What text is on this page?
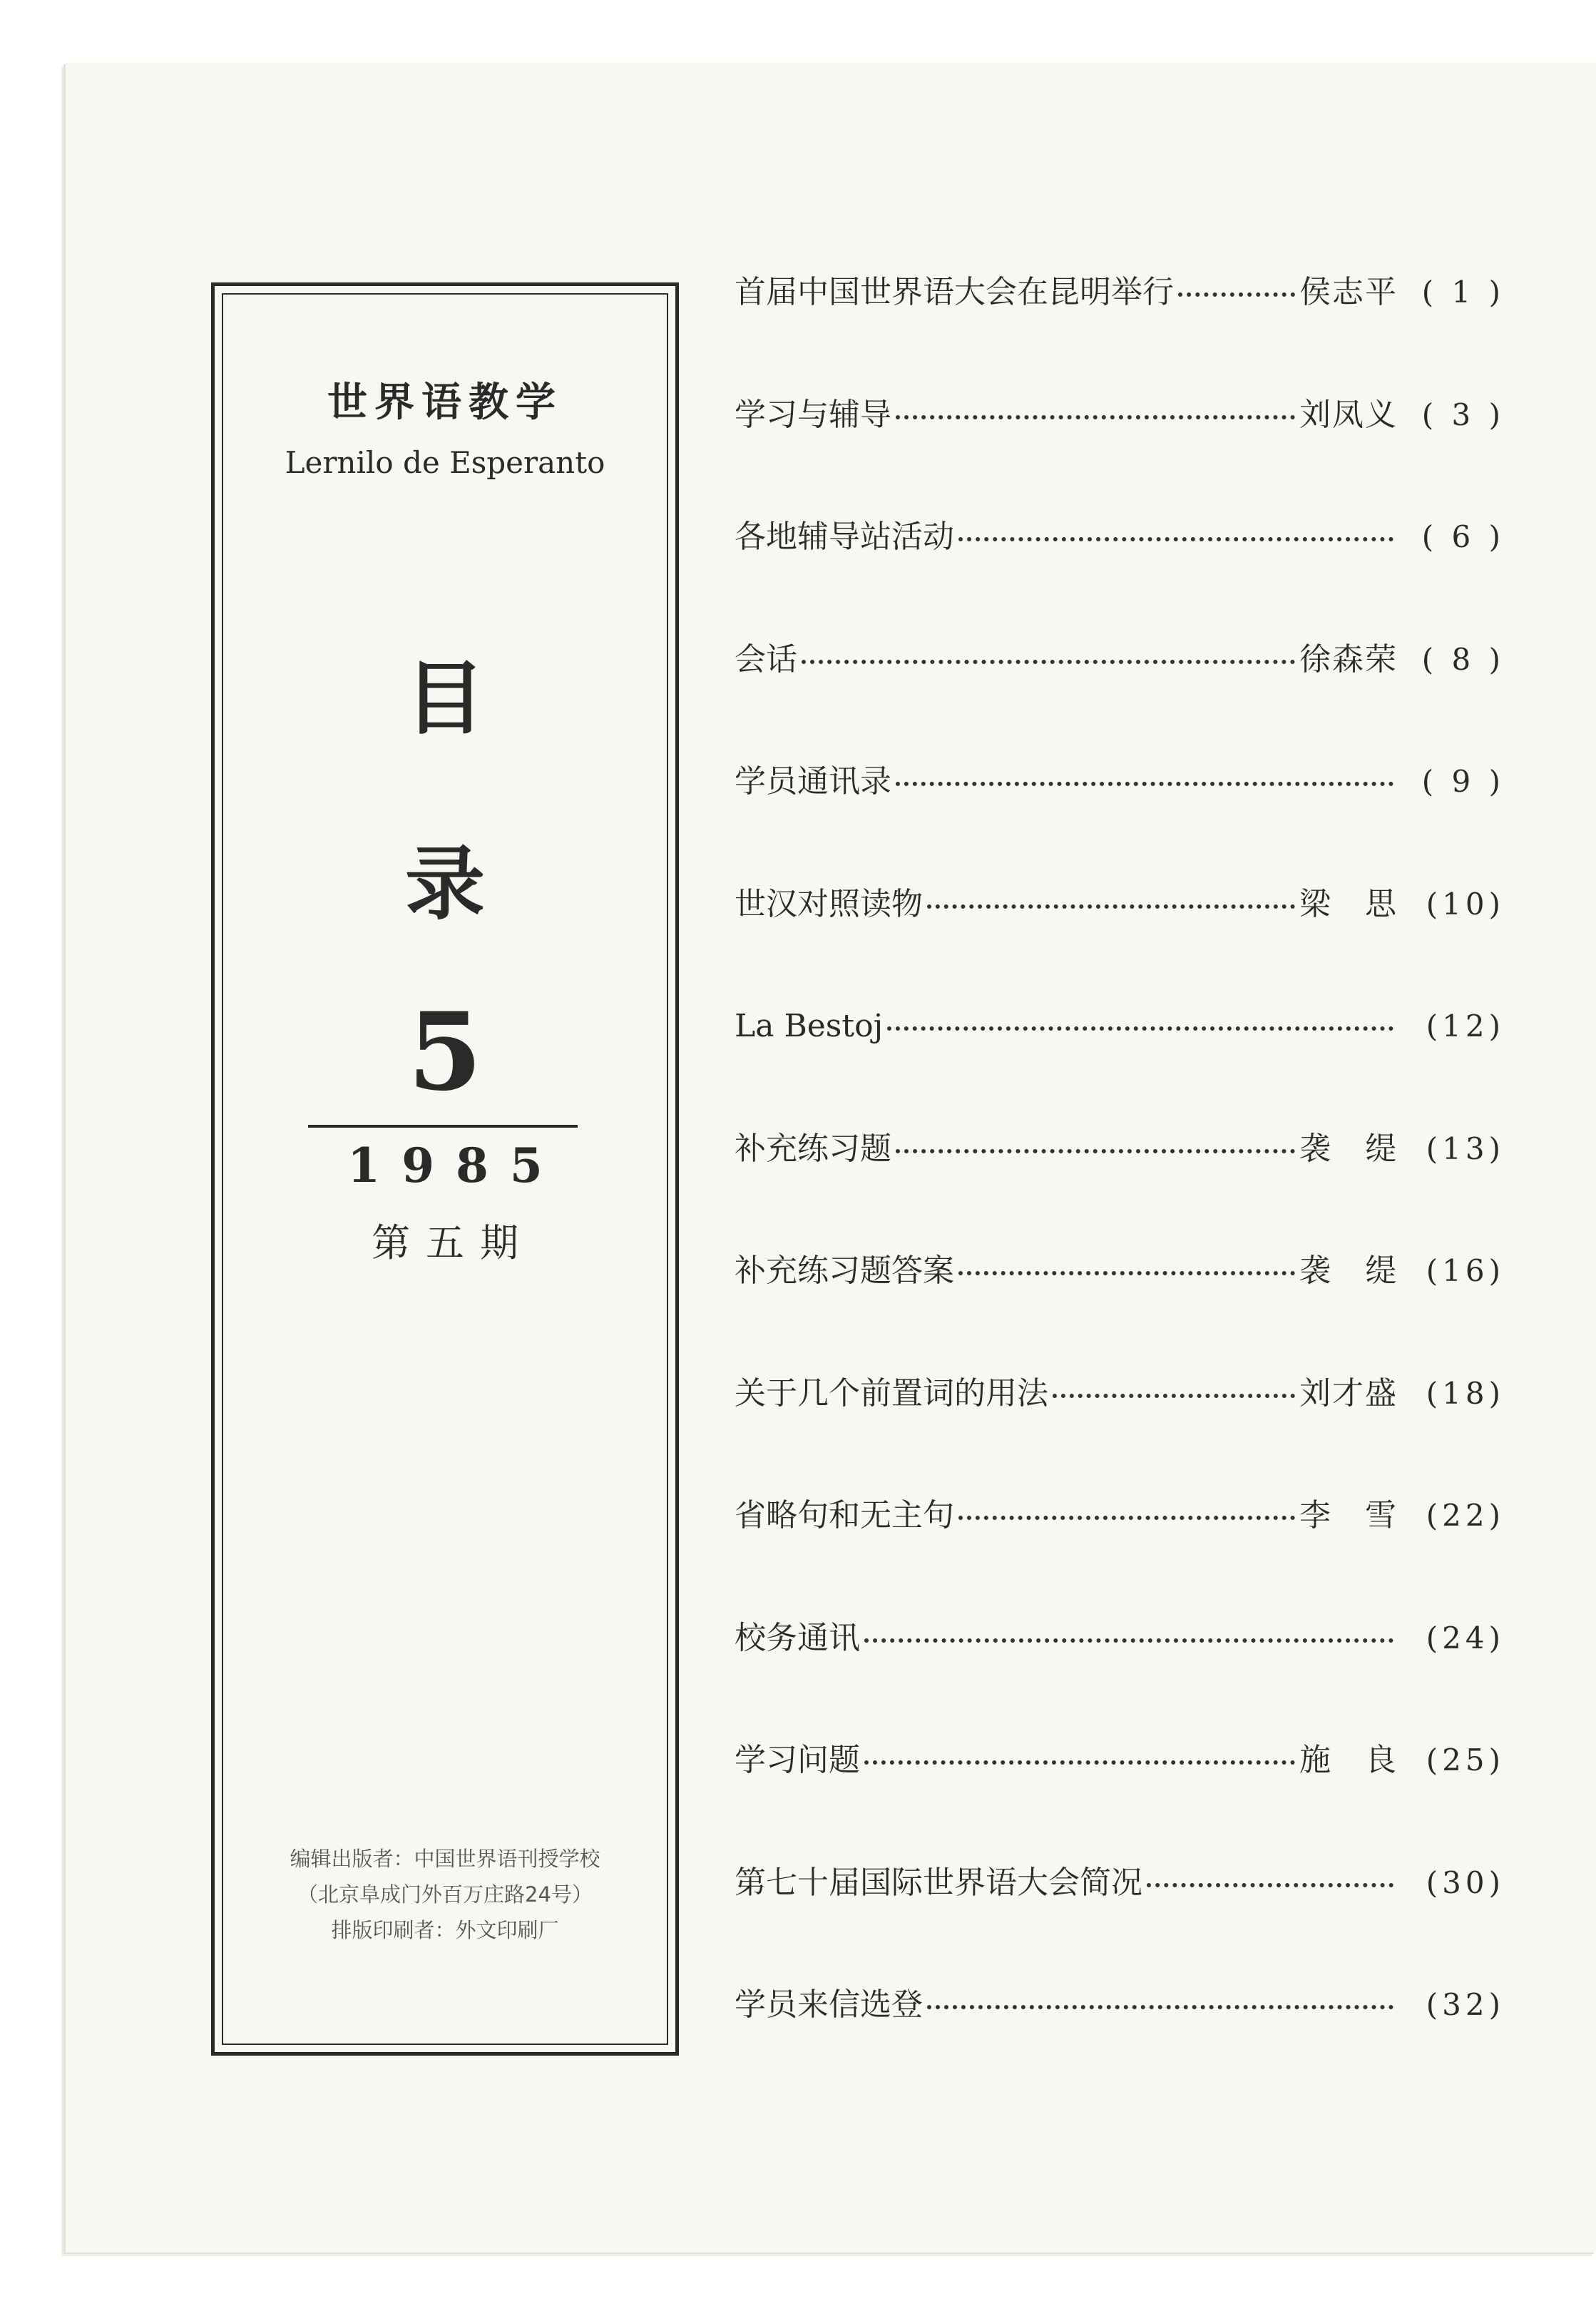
世界语教学
Lernilo de Esperanto
目
录
5
1985
第五期
编辑出版者：中国世界语刊授学校
（北京阜成门外百万庄路24号）
排版印刷者：外文印刷厂
首届中国世界语大会在昆明举行	侯志平 ( 1 )
学习与辅导	刘凤义 ( 3 )
各地辅导站活动	( 6 )
会话	徐森荣 ( 8 )
学员通讯录	( 9 )
世汉对照读物	梁　思 (10)
La Bestoj	(12)
补充练习题	袭　缇 (13)
补充练习题答案	袭　缇 (16)
关于几个前置词的用法	刘才盛 (18)
省略句和无主句	李　雪 (22)
校务通讯	(24)
学习问题	施　良 (25)
第七十届国际世界语大会简况	(30)
学员来信选登	(32)
